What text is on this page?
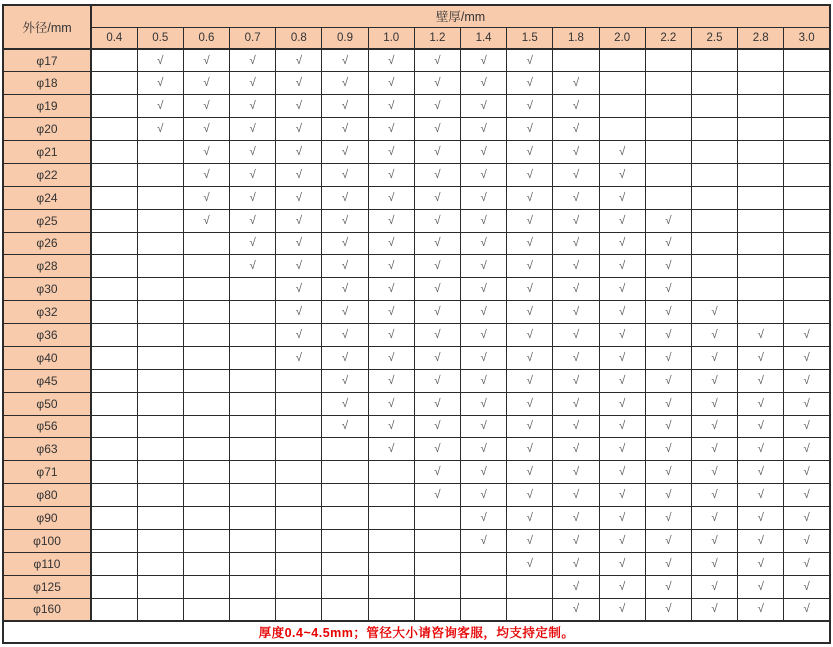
外径/mm	壁厚/mm															
	0.4	0.5	0.6	0.7	0.8	0.9	1.0	1.2	1.4	1.5	1.8	2.0	2.2	2.5	2.8	3.0
φ17		√	√	√	√	√	√	√	√	√						
φ18		√	√	√	√	√	√	√	√	√	√					
φ19		√	√	√	√	√	√	√	√	√	√					
φ20		√	√	√	√	√	√	√	√	√	√					
φ21			√	√	√	√	√	√	√	√	√	√				
φ22			√	√	√	√	√	√	√	√	√	√				
φ24			√	√	√	√	√	√	√	√	√	√				
φ25			√	√	√	√	√	√	√	√	√	√	√			
φ26				√	√	√	√	√	√	√	√	√	√			
φ28				√	√	√	√	√	√	√	√	√	√			
φ30					√	√	√	√	√	√	√	√	√			
φ32					√	√	√	√	√	√	√	√	√	√		
φ36					√	√	√	√	√	√	√	√	√	√	√	√
φ40					√	√	√	√	√	√	√	√	√	√	√	√
φ45						√	√	√	√	√	√	√	√	√	√	√
φ50						√	√	√	√	√	√	√	√	√	√	√
φ56						√	√	√	√	√	√	√	√	√	√	√
φ63							√	√	√	√	√	√	√	√	√	√
φ71								√	√	√	√	√	√	√	√	√
φ80								√	√	√	√	√	√	√	√	√
φ90									√	√	√	√	√	√	√	√
φ100									√	√	√	√	√	√	√	√
φ110										√	√	√	√	√	√	√
φ125											√	√	√	√	√	√
φ160											√	√	√	√	√	√
厚度0.4~4.5mm；管径大小请咨询客服，均支持定制。																
